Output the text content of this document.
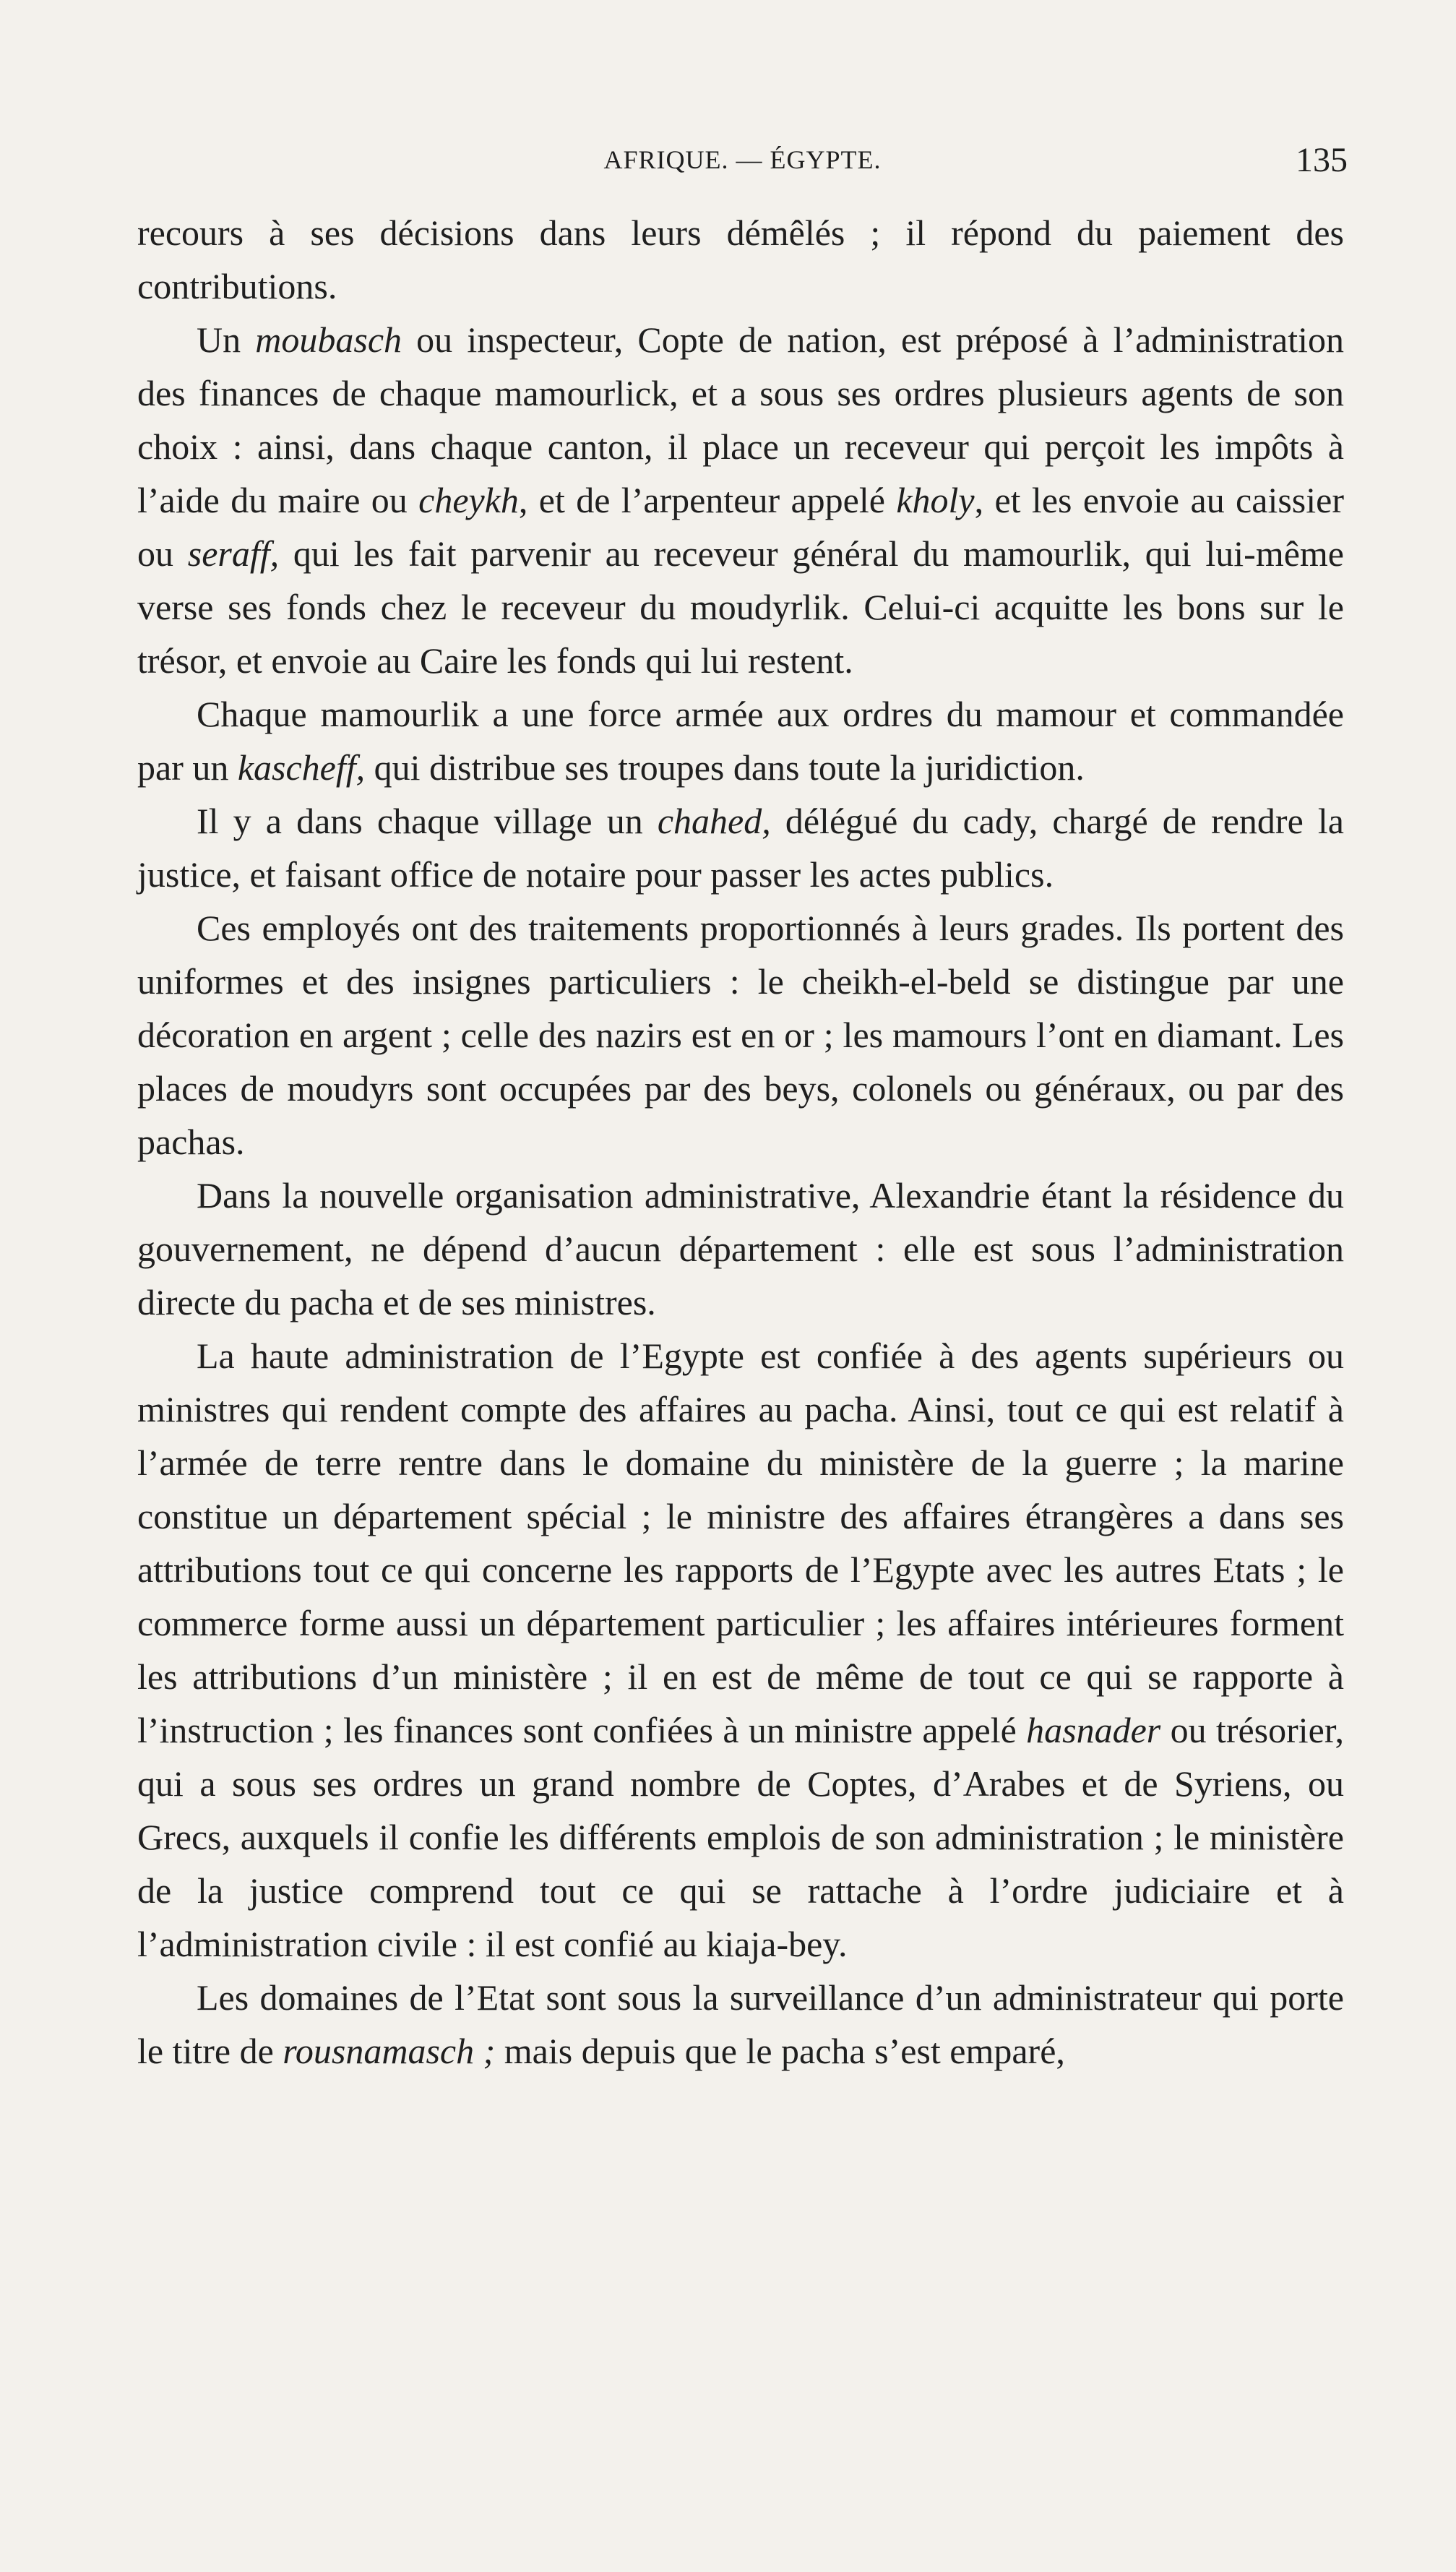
AFRIQUE. — ÉGYPTE.	135

recours à ses décisions dans leurs démêlés ; il répond du paiement des contributions.

Un moubasch ou inspecteur, Copte de nation, est préposé à l’administration des finances de chaque mamourlick, et a sous ses ordres plusieurs agents de son choix : ainsi, dans chaque canton, il place un receveur qui perçoit les impôts à l’aide du maire ou cheykh, et de l’arpenteur appelé kholy, et les envoie au caissier ou seraff, qui les fait parvenir au receveur général du mamourlik, qui lui-même verse ses fonds chez le receveur du moudyrlik. Celui-ci acquitte les bons sur le trésor, et envoie au Caire les fonds qui lui restent.

Chaque mamourlik a une force armée aux ordres du mamour et commandée par un kascheff, qui distribue ses troupes dans toute la juridiction.

Il y a dans chaque village un chahed, délégué du cady, chargé de rendre la justice, et faisant office de notaire pour passer les actes publics.

Ces employés ont des traitements proportionnés à leurs grades. Ils portent des uniformes et des insignes particuliers : le cheikh-el-beld se distingue par une décoration en argent ; celle des nazirs est en or ; les mamours l’ont en diamant. Les places de moudyrs sont occupées par des beys, colonels ou généraux, ou par des pachas.

Dans la nouvelle organisation administrative, Alexandrie étant la résidence du gouvernement, ne dépend d’aucun département : elle est sous l’administration directe du pacha et de ses ministres.

La haute administration de l’Egypte est confiée à des agents supérieurs ou ministres qui rendent compte des affaires au pacha. Ainsi, tout ce qui est relatif à l’armée de terre rentre dans le domaine du ministère de la guerre ; la marine constitue un département spécial ; le ministre des affaires étrangères a dans ses attributions tout ce qui concerne les rapports de l’Egypte avec les autres Etats ; le commerce forme aussi un département particulier ; les affaires intérieures forment les attributions d’un ministère ; il en est de même de tout ce qui se rapporte à l’instruction ; les finances sont confiées à un ministre appelé hasnader ou trésorier, qui a sous ses ordres un grand nombre de Coptes, d’Arabes et de Syriens, ou Grecs, auxquels il confie les différents emplois de son administration ; le ministère de la justice comprend tout ce qui se rattache à l’ordre judiciaire et à l’administration civile : il est confié au kiaja-bey.

Les domaines de l’Etat sont sous la surveillance d’un administrateur qui porte le titre de rousnamasch ; mais depuis que le pacha s’est emparé,
